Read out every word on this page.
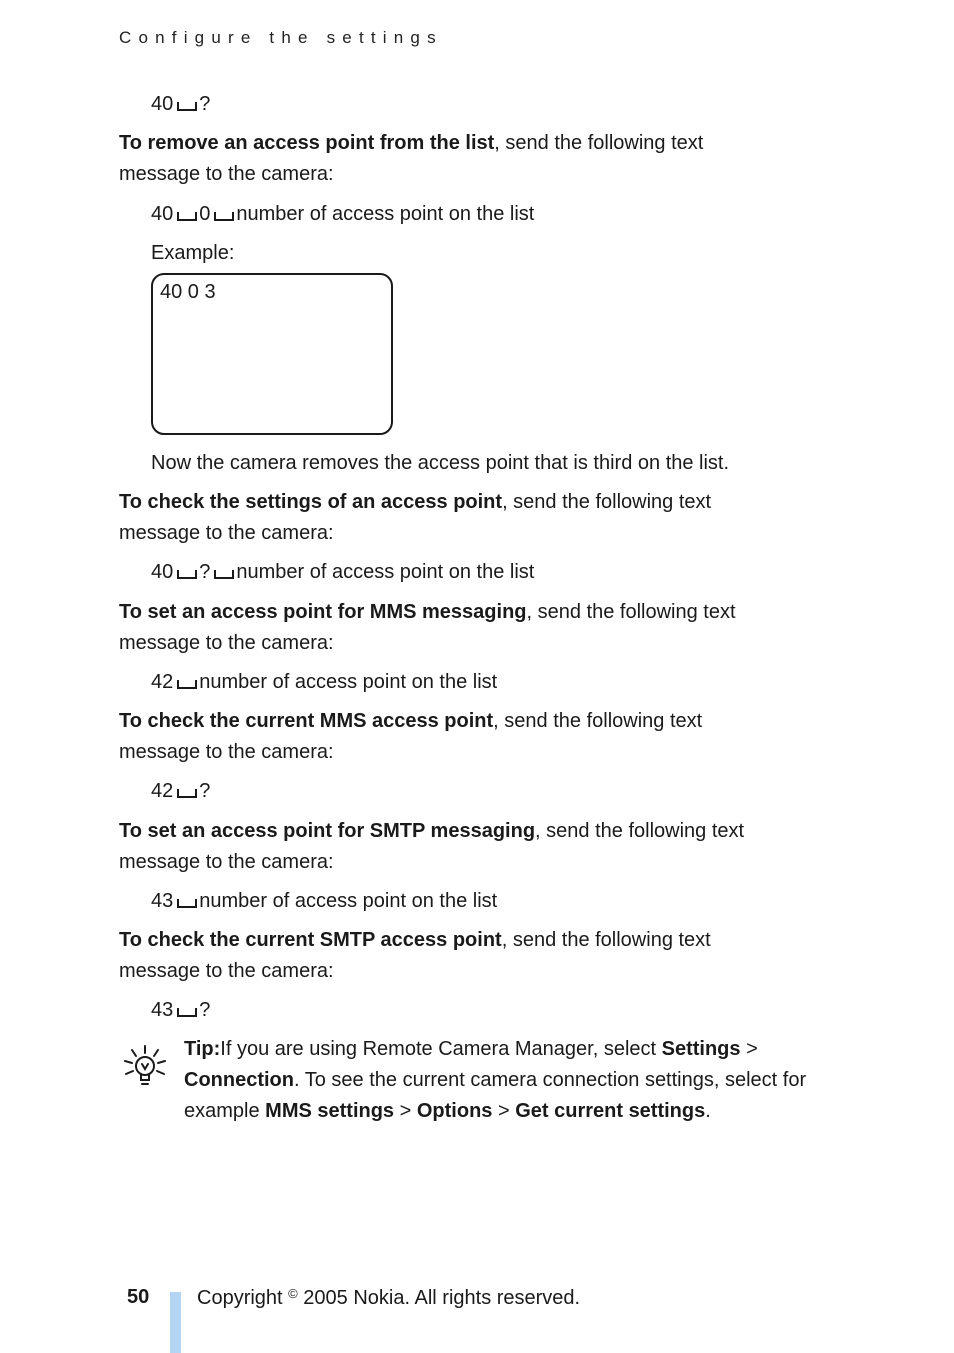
Configure the settings
40 ?
To remove an access point from the list, send the following text
message to the camera:
40 0 number of access point on the list
Example:
40 0 3
Now the camera removes the access point that is third on the list.
To check the settings of an access point, send the following text
message to the camera:
40 ? number of access point on the list
To set an access point for MMS messaging, send the following text
message to the camera:
42 number of access point on the list
To check the current MMS access point, send the following text
message to the camera:
42 ?
To set an access point for SMTP messaging, send the following text
message to the camera:
43 number of access point on the list
To check the current SMTP access point, send the following text
message to the camera:
43 ?
Tip:If you are using Remote Camera Manager, select Settings > Connection. To see the current camera connection settings, select for example MMS settings > Options > Get current settings.
50 Copyright © 2005 Nokia. All rights reserved.
